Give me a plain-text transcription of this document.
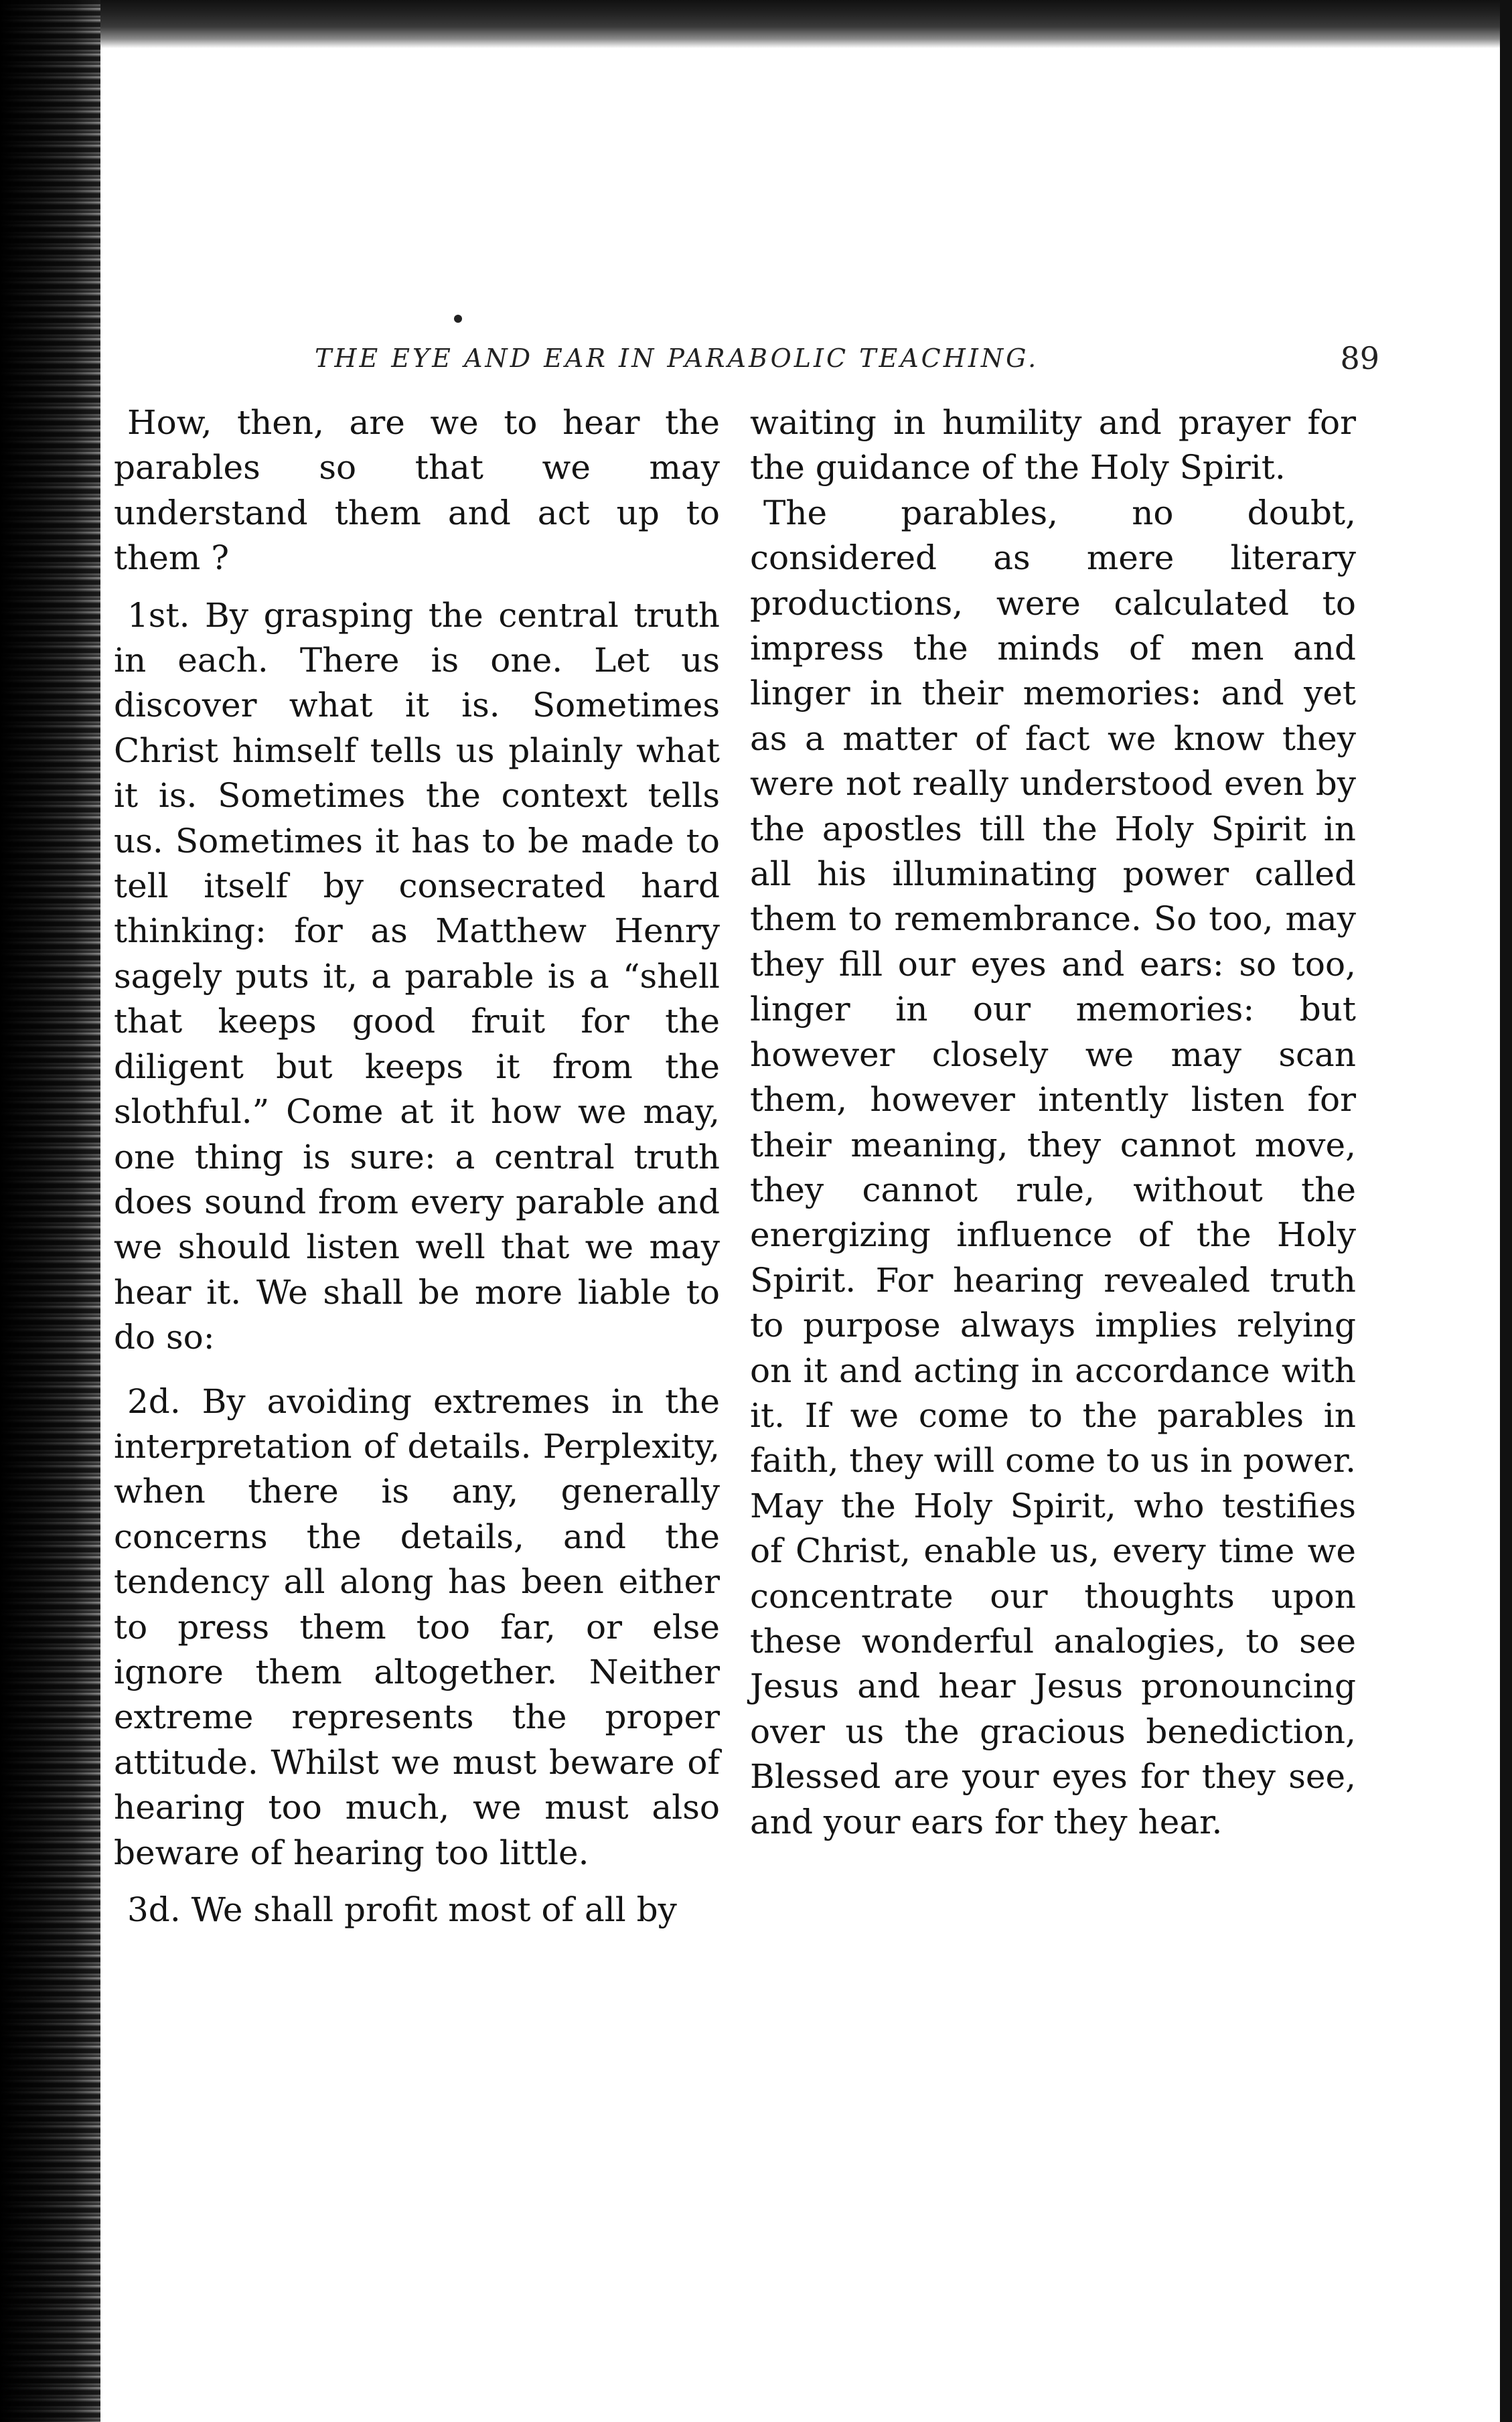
THE EYE AND EAR IN PARABOLIC TEACHING.	89

How, then, are we to hear the parables so that we may understand them and act up to them ?

1st. By grasping the central truth in each. There is one. Let us discover what it is. Sometimes Christ himself tells us plainly what it is. Sometimes the context tells us. Sometimes it has to be made to tell itself by consecrated hard thinking: for as Matthew Henry sagely puts it, a parable is a “shell that keeps good fruit for the diligent but keeps it from the slothful.” Come at it how we may, one thing is sure: a central truth does sound from every parable and we should listen well that we may hear it. We shall be more liable to do so:

2d. By avoiding extremes in the interpretation of details. Perplexity, when there is any, generally concerns the details, and the tendency all along has been either to press them too far, or else ignore them altogether. Neither extreme represents the proper attitude. Whilst we must beware of hearing too much, we must also beware of hearing too little.

3d. We shall profit most of all by

waiting in humility and prayer for the guidance of the Holy Spirit.

The parables, no doubt, considered as mere literary productions, were calculated to impress the minds of men and linger in their memories: and yet as a matter of fact we know they were not really understood even by the apostles till the Holy Spirit in all his illuminating power called them to remembrance. So too, may they fill our eyes and ears: so too, linger in our memories: but however closely we may scan them, however intently listen for their meaning, they cannot move, they cannot rule, without the energizing influence of the Holy Spirit. For hearing revealed truth to purpose always implies relying on it and acting in accordance with it. If we come to the parables in faith, they will come to us in power. May the Holy Spirit, who testifies of Christ, enable us, every time we concentrate our thoughts upon these wonderful analogies, to see Jesus and hear Jesus pronouncing over us the gracious benediction, Blessed are your eyes for they see, and your ears for they hear.
